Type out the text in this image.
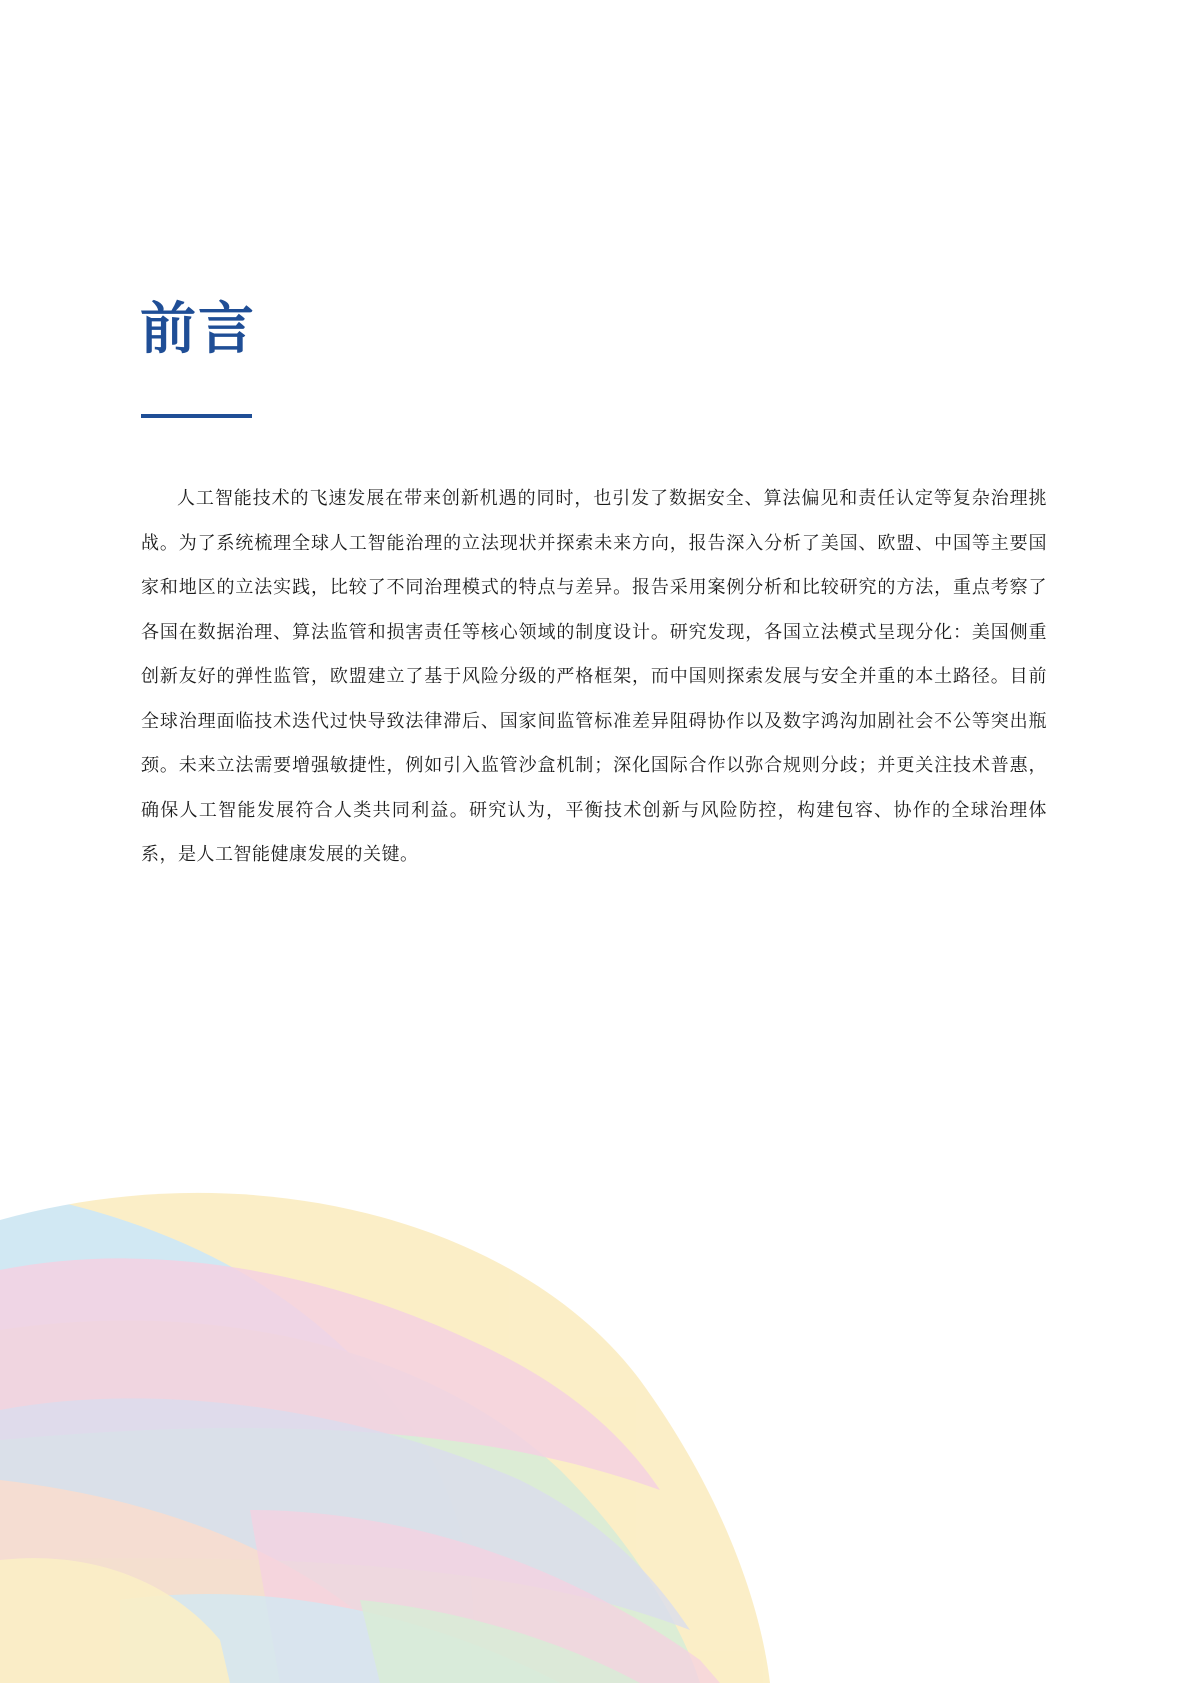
前言

人工智能技术的飞速发展在带来创新机遇的同时，也引发了数据安全、算法偏见和责任认定等复杂治理挑战。为了系统梳理全球人工智能治理的立法现状并探索未来方向，报告深入分析了美国、欧盟、中国等主要国家和地区的立法实践，比较了不同治理模式的特点与差异。报告采用案例分析和比较研究的方法，重点考察了各国在数据治理、算法监管和损害责任等核心领域的制度设计。研究发现，各国立法模式呈现分化：美国侧重创新友好的弹性监管，欧盟建立了基于风险分级的严格框架，而中国则探索发展与安全并重的本土路径。目前全球治理面临技术迭代过快导致法律滞后、国家间监管标准差异阻碍协作以及数字鸿沟加剧社会不公等突出瓶颈。未来立法需要增强敏捷性，例如引入监管沙盒机制；深化国际合作以弥合规则分歧；并更关注技术普惠，确保人工智能发展符合人类共同利益。研究认为，平衡技术创新与风险防控，构建包容、协作的全球治理体系，是人工智能健康发展的关键。
